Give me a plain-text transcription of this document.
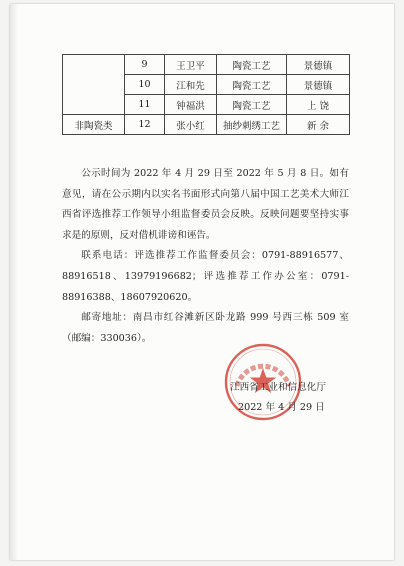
	9	王卫平	陶瓷工艺	景德镇
	10	江和先	陶瓷工艺	景德镇
	11	钟福洪	陶瓷工艺	上 饶
非陶瓷类	12	张小红	抽纱刺绣工艺	新 余

公示时间为 2022 年 4 月 29 日至 2022 年 5 月 8 日。如有意见，请在公示期内以实名书面形式向第八届中国工艺美术大师江西省评选推荐工作领导小组监督委员会反映。反映问题要坚持实事求是的原则，反对借机诽谤和诬告。

联系电话：评选推荐工作监督委员会：0791-88916577、88916518、13979196682；评选推荐工作办公室：0791-88916388、18607920620。

邮寄地址：南昌市红谷滩新区卧龙路 999 号西三栋 509 室（邮编：330036）。

江西省工业和信息化厅
2022 年 4 月 29 日
